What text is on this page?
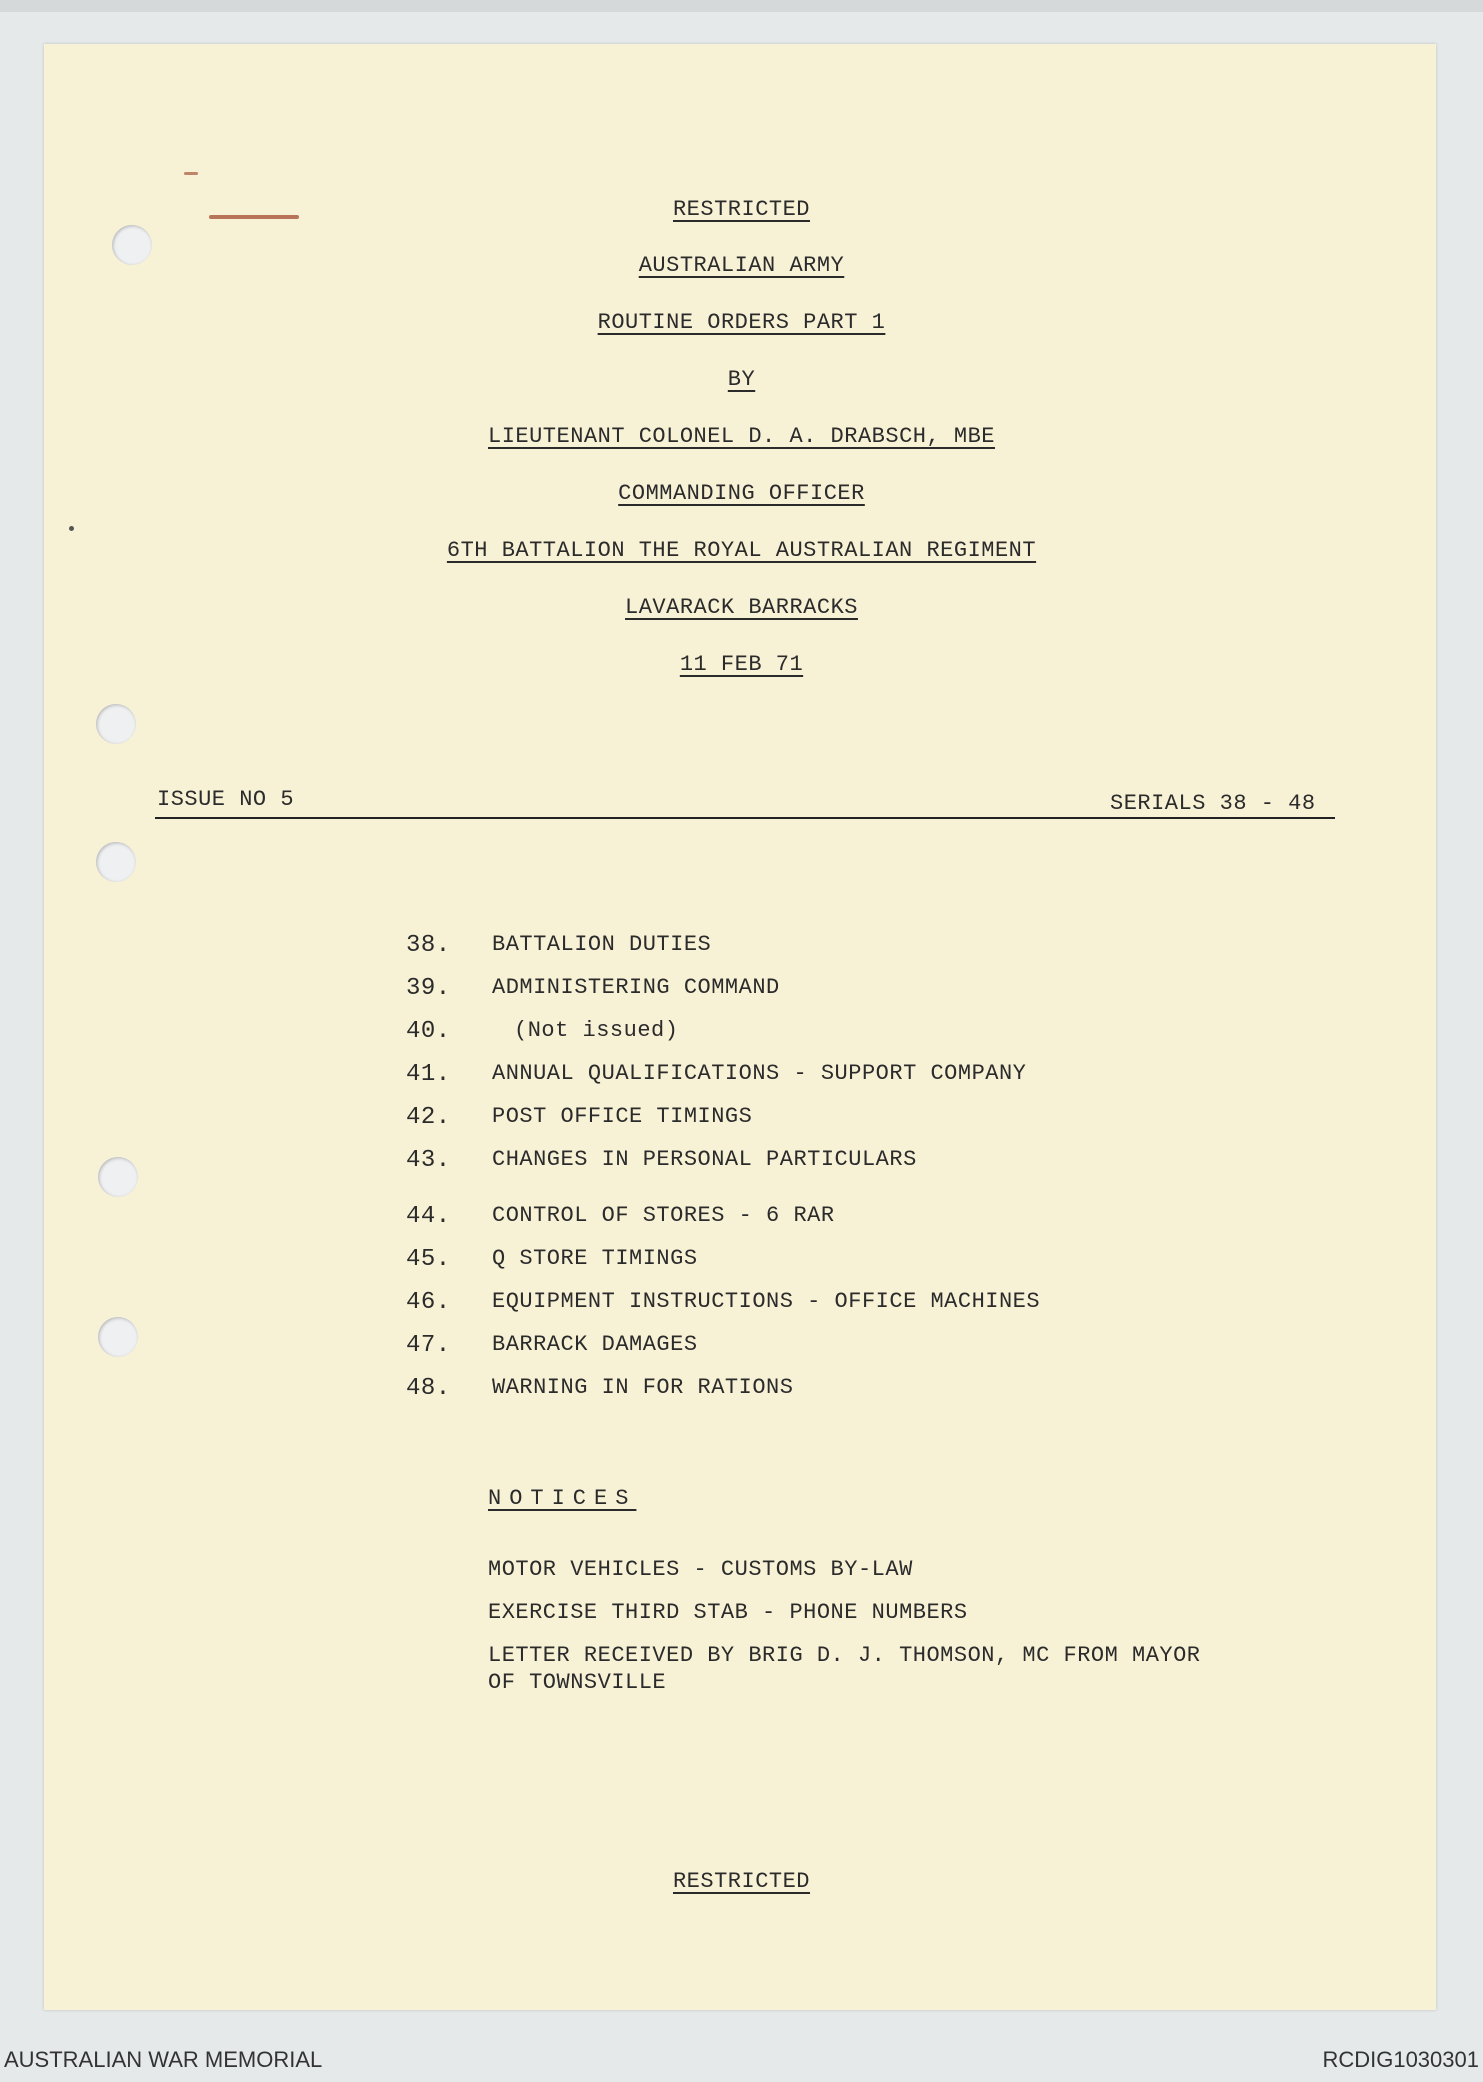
RESTRICTED
AUSTRALIAN ARMY
ROUTINE ORDERS PART 1
BY
LIEUTENANT COLONEL D. A. DRABSCH, MBE
COMMANDING OFFICER
6TH BATTALION THE ROYAL AUSTRALIAN REGIMENT
LAVARACK BARRACKS
11 FEB 71
ISSUE NO 5	SERIALS 38 - 48
38. BATTALION DUTIES
39. ADMINISTERING COMMAND
40.	(Not issued)
41. ANNUAL QUALIFICATIONS - SUPPORT COMPANY
42. POST OFFICE TIMINGS
43. CHANGES IN PERSONAL PARTICULARS
44. CONTROL OF STORES - 6 RAR
45. Q STORE TIMINGS
46. EQUIPMENT INSTRUCTIONS - OFFICE MACHINES
47. BARRACK DAMAGES
48. WARNING IN FOR RATIONS
NOTICES
MOTOR VEHICLES - CUSTOMS BY-LAW
EXERCISE THIRD STAB - PHONE NUMBERS
LETTER RECEIVED BY BRIG D. J. THOMSON, MC FROM MAYOR
OF TOWNSVILLE
RESTRICTED
AUSTRALIAN WAR MEMORIAL	RCDIG1030301
